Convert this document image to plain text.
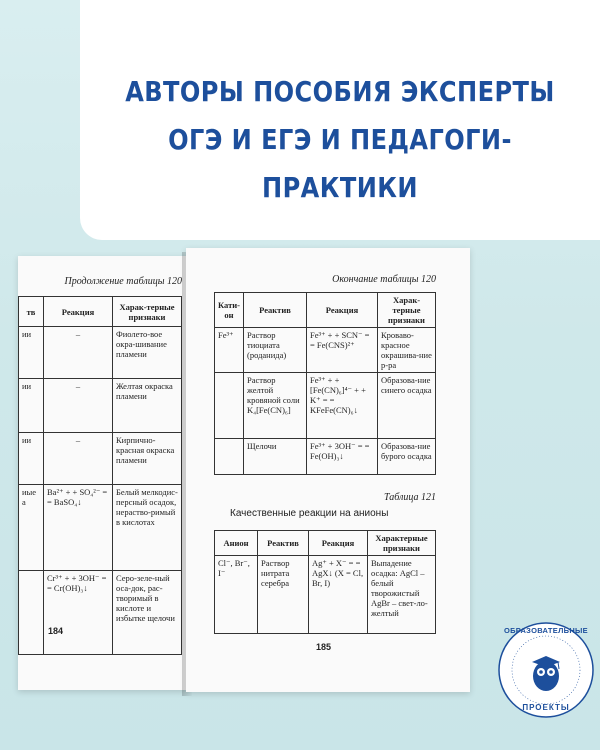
АВТОРЫ ПОСОБИЯ ЭКСПЕРТЫ
ОГЭ И ЕГЭ И ПЕДАГОГИ-ПРАКТИКИ
Продолжение таблицы 120
тв	Реакция	Харак-терные признаки
ии	–	Фиолето-вое окра-шивание пламени
ии	–	Желтая окраска пламени
ии	–	Кирпично-красная окраска пламени
иые а	Ba²⁺ + + SO₄²⁻ = = BaSO₄↓	Белый мелкодис-персный осадок, нераство-римый в кислотах
	Cr³⁺ + + 3OH⁻ = = Cr(OH)₃↓	Серо-зеле-ный оса-док, рас-творимый в кислоте и избытке щелочи
184
Окончание таблицы 120
Кати-он	Реактив	Реакция	Харак-терные признаки
Fe³⁺	Раствор тиоциата (роданида)	Fe³⁺ + + SCN⁻ = = Fe(CNS)²⁺	Кроваво-красное окрашива-ние р-ра
	Раствор желтой кровяной соли K₄[Fe(CN)₆]	Fe³⁺ + + [Fe(CN)₆]⁴⁻ + + K⁺ = = KFeFe(CN)₆↓	Образова-ние синего осадка
	Щелочи	Fe³⁺ + 3OH⁻ = = Fe(OH)₃↓	Образова-ние бурого осадка
Таблица 121
Качественные реакции на анионы
Анион	Реактив	Реакция	Характерные признаки
Cl⁻, Br⁻, I⁻	Раствор нитрата серебра	Ag⁺ + X⁻ = = AgX↓ (X = Cl, Br, I)	Выпадение осадка: AgCl – белый творожистый AgBr – свет-ло-желтый
185
ОБРАЗОВАТЕЛЬНЫЕ
ПРОЕКТЫ
